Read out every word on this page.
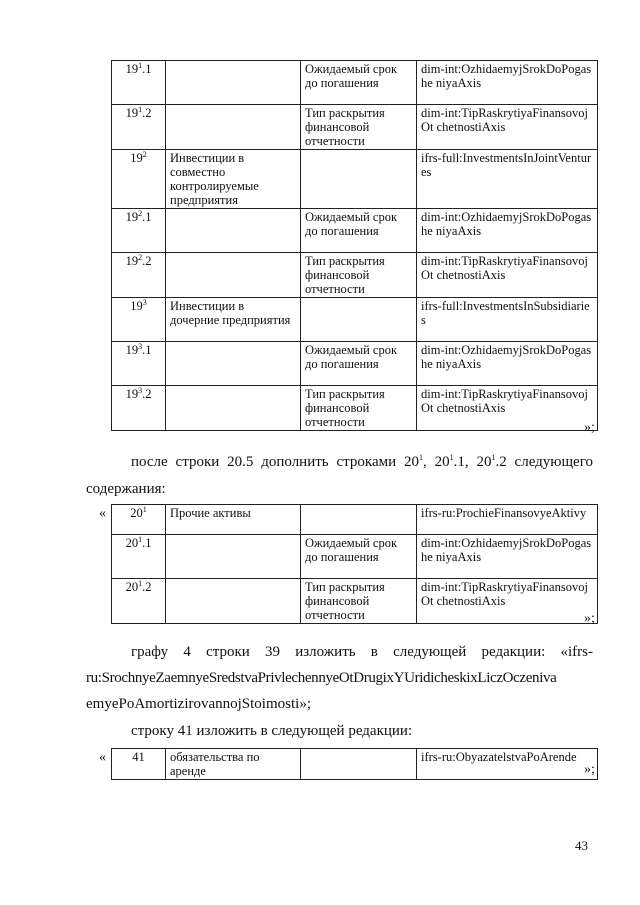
$19^1.1$		Ожидаемый срок до погашения	dim-int:OzhidaemyjSrokDoPogashe niyaAxis
$19^1.2$		Тип раскрытия финансовой отчетности	dim-int:TipRaskrytiyaFinansovojOt chetnostiAxis
$19^2$	Инвестиции в совместно контролируемые предприятия		ifrs-full:InvestmentsInJointVentures
$19^2.1$		Ожидаемый срок до погашения	dim-int:OzhidaemyjSrokDoPogashe niyaAxis
$19^2.2$		Тип раскрытия финансовой отчетности	dim-int:TipRaskrytiyaFinansovojOt chetnostiAxis
$19^3$	Инвестиции в дочерние предприятия		ifrs-full:InvestmentsInSubsidiaries
$19^3.1$		Ожидаемый срок до погашения	dim-int:OzhidaemyjSrokDoPogashe niyaAxis
$19^3.2$		Тип раскрытия финансовой отчетности	dim-int:TipRaskrytiyaFinansovojOt chetnostiAxis
»;
после строки 20.5 дополнить строками $20^1$, $20^1.1$, $20^1.2$ следующего
содержания:
« $20^1$	Прочие активы		ifrs-ru:ProchieFinansovyeAktivy
$20^1.1$		Ожидаемый срок до погашения	dim-int:OzhidaemyjSrokDoPogashe niyaAxis
$20^1.2$		Тип раскрытия финансовой отчетности	dim-int:TipRaskrytiyaFinansovojOt chetnostiAxis
»;
графу 4 строки 39 изложить в следующей редакции: «ifrs-
ru:SrochnyeZaemnyeSredstvaPrivlechennyeOtDrugixYUridicheskixLiczOczeniva
emyePoAmortizirovannojStoimosti»;
строку 41 изложить в следующей редакции:
« 41	обязательства по аренде		ifrs-ru:ObyazatelstvaPoArende
»;
43
